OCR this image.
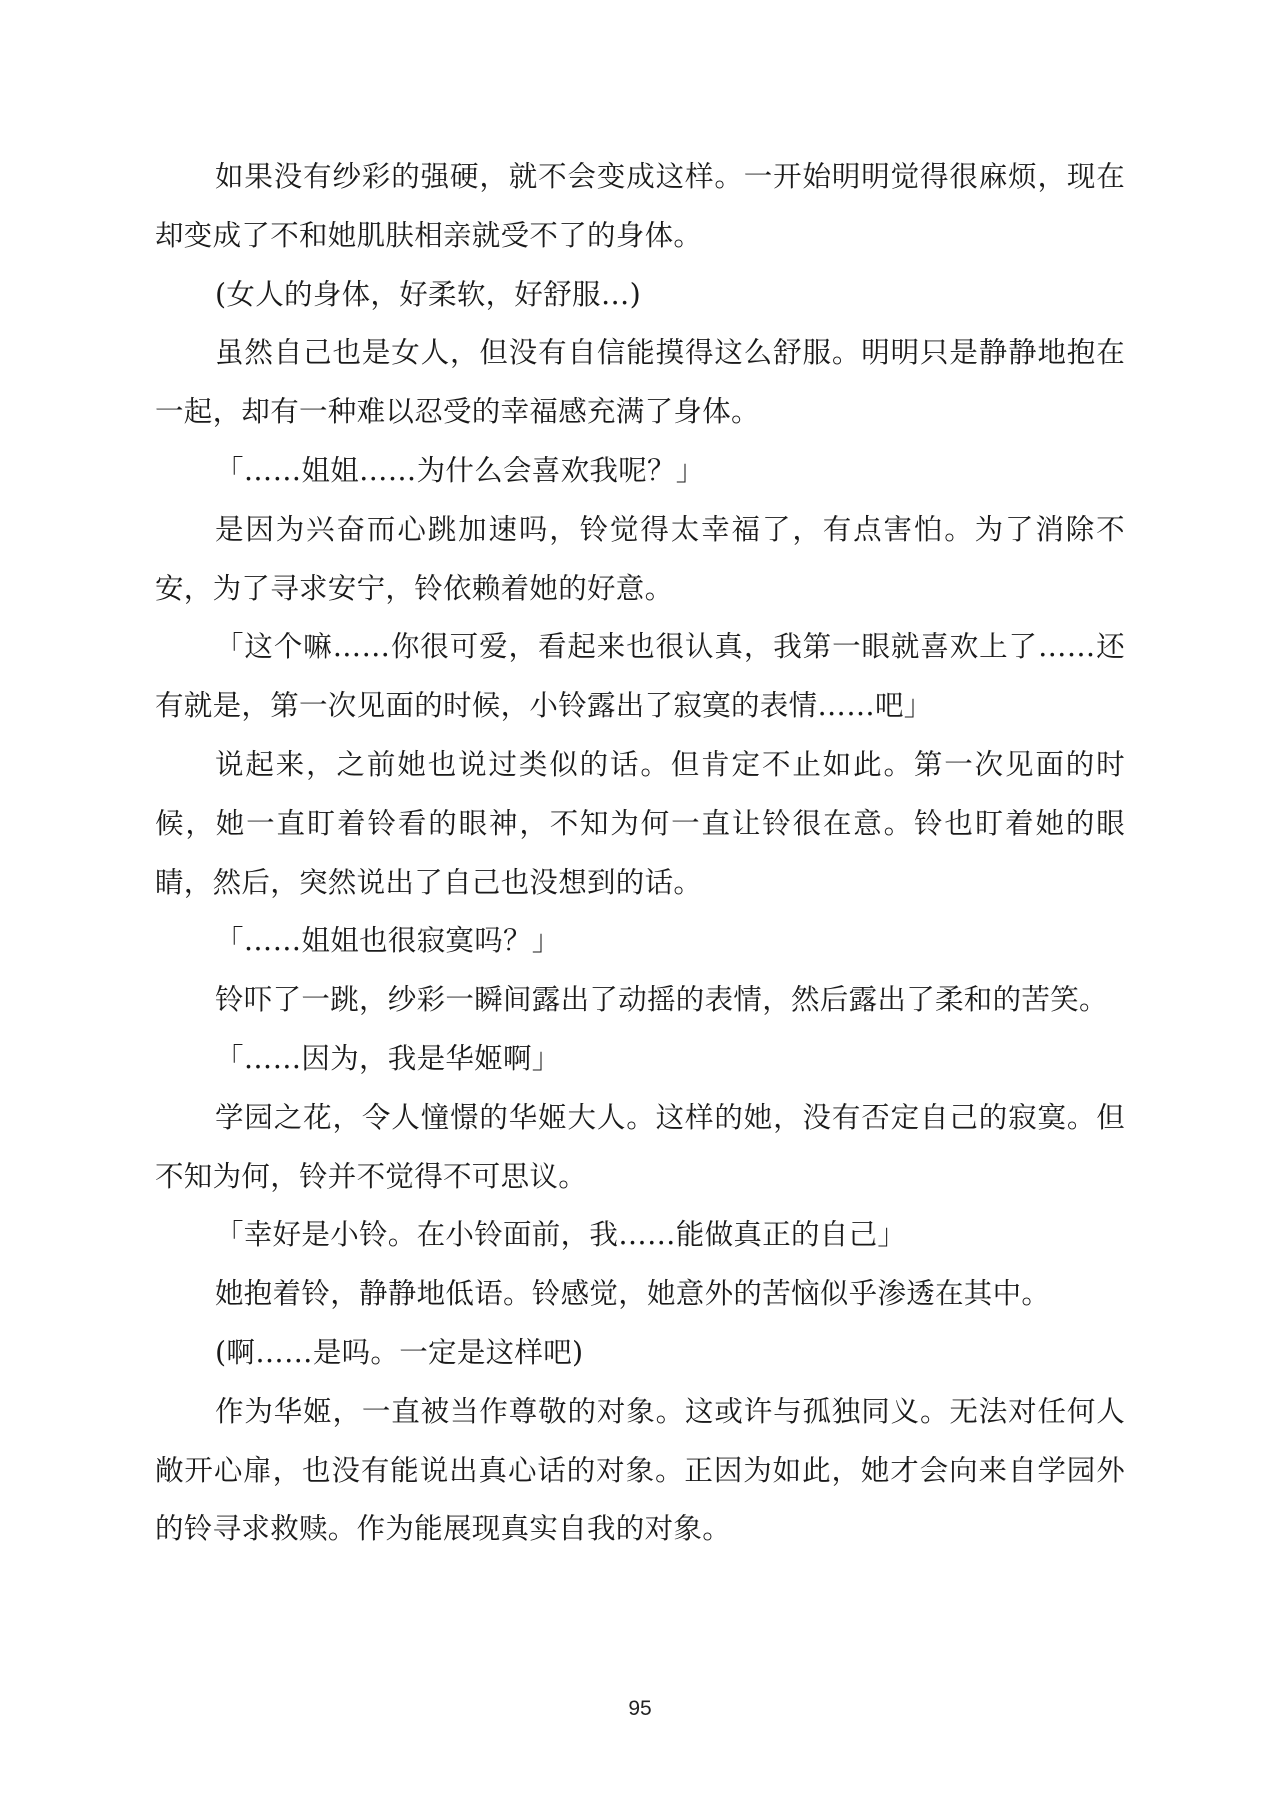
如果没有纱彩的强硬，就不会变成这样。一开始明明觉得很麻烦，现在却变成了不和她肌肤相亲就受不了的身体。

(女人的身体，好柔软，好舒服…)

虽然自己也是女人，但没有自信能摸得这么舒服。明明只是静静地抱在一起，却有一种难以忍受的幸福感充满了身体。

「……姐姐……为什么会喜欢我呢？」

是因为兴奋而心跳加速吗，铃觉得太幸福了，有点害怕。为了消除不安，为了寻求安宁，铃依赖着她的好意。

「这个嘛……你很可爱，看起来也很认真，我第一眼就喜欢上了……还有就是，第一次见面的时候，小铃露出了寂寞的表情……吧」

说起来，之前她也说过类似的话。但肯定不止如此。第一次见面的时候，她一直盯着铃看的眼神，不知为何一直让铃很在意。铃也盯着她的眼睛，然后，突然说出了自己也没想到的话。

「……姐姐也很寂寞吗？」

铃吓了一跳，纱彩一瞬间露出了动摇的表情，然后露出了柔和的苦笑。

「……因为，我是华姬啊」

学园之花，令人憧憬的华姬大人。这样的她，没有否定自己的寂寞。但不知为何，铃并不觉得不可思议。

「幸好是小铃。在小铃面前，我……能做真正的自己」

她抱着铃，静静地低语。铃感觉，她意外的苦恼似乎渗透在其中。

(啊……是吗。一定是这样吧)

作为华姬，一直被当作尊敬的对象。这或许与孤独同义。无法对任何人敞开心扉，也没有能说出真心话的对象。正因为如此，她才会向来自学园外的铃寻求救赎。作为能展现真实自我的对象。

95
